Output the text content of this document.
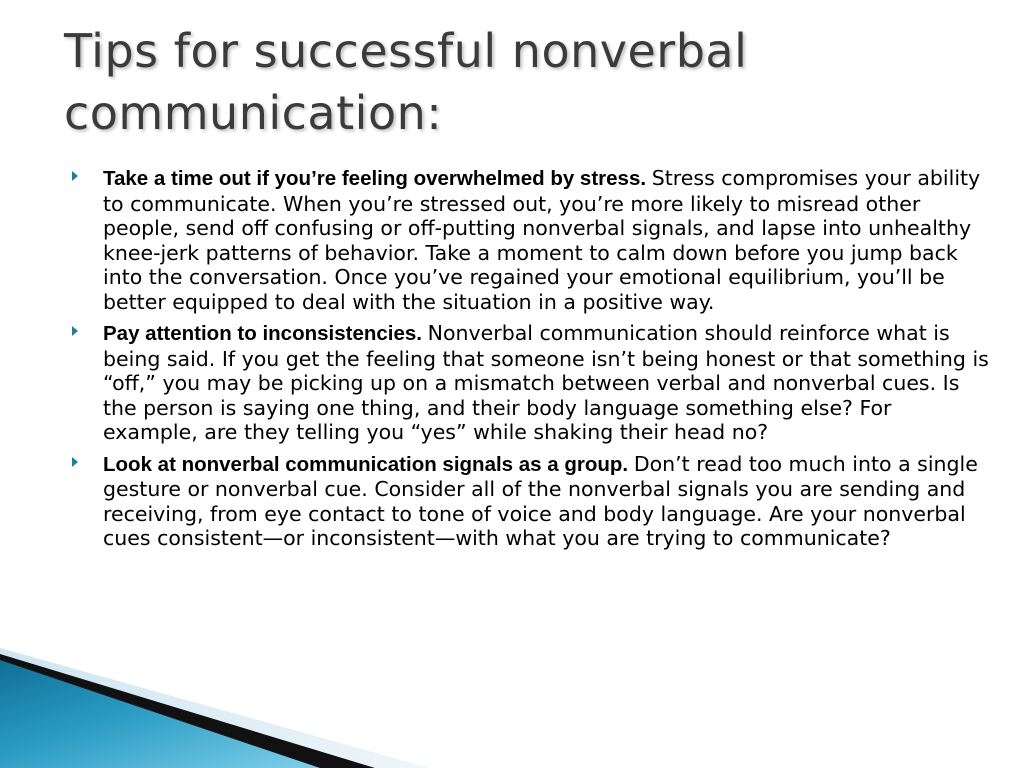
Tips for successful nonverbal communication:
Take a time out if you’re feeling overwhelmed by stress. Stress compromises your ability to communicate. When you’re stressed out, you’re more likely to misread other people, send off confusing or off-putting nonverbal signals, and lapse into unhealthy knee-jerk patterns of behavior. Take a moment to calm down before you jump back into the conversation. Once you’ve regained your emotional equilibrium, you’ll be better equipped to deal with the situation in a positive way.
Pay attention to inconsistencies. Nonverbal communication should reinforce what is being said. If you get the feeling that someone isn’t being honest or that something is “off,” you may be picking up on a mismatch between verbal and nonverbal cues. Is the person is saying one thing, and their body language something else? For example, are they telling you “yes” while shaking their head no?
Look at nonverbal communication signals as a group. Don’t read too much into a single gesture or nonverbal cue. Consider all of the nonverbal signals you are sending and receiving, from eye contact to tone of voice and body language. Are your nonverbal cues consistent—or inconsistent—with what you are trying to communicate?
